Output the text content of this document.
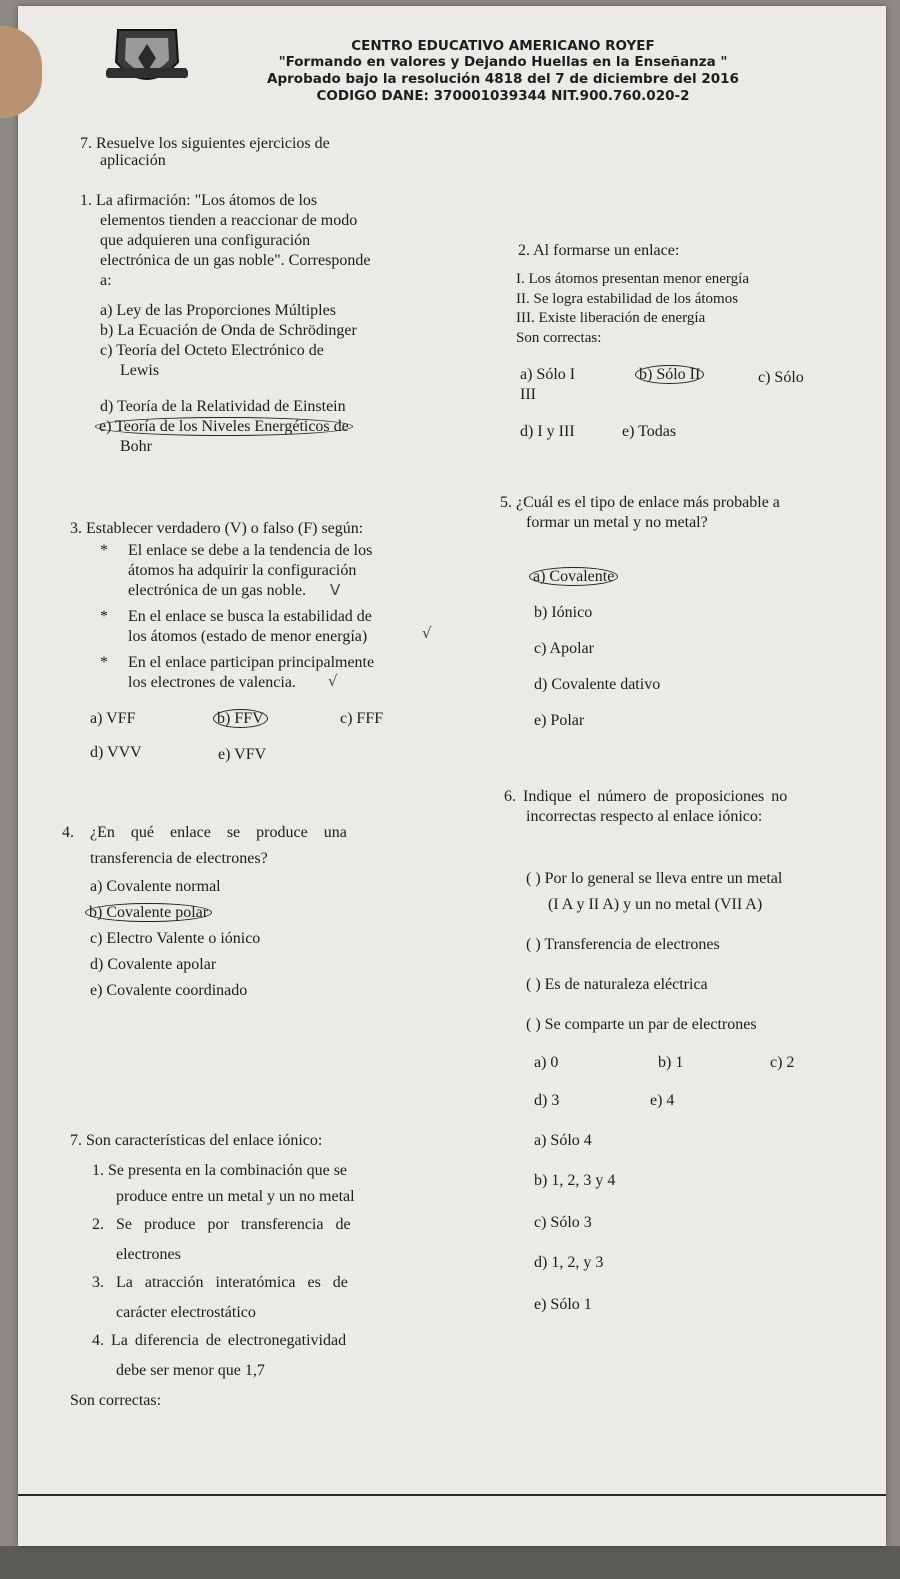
CENTRO EDUCATIVO AMERICANO ROYEF
"Formando en valores y Dejando Huellas en la Enseñanza "
Aprobado bajo la resolución 4818 del 7 de diciembre del 2016
CODIGO DANE: 370001039344 NIT.900.760.020-2
7. Resuelve los siguientes ejercicios de
aplicación
1. La afirmación: "Los átomos de los
elementos tienden a reaccionar de modo
que adquieren una configuración
electrónica de un gas noble". Corresponde
a:
a) Ley de las Proporciones Múltiples
b) La Ecuación de Onda de Schrödinger
c) Teoría del Octeto Electrónico de
Lewis
d) Teoría de la Relatividad de Einstein
e) Teoría de los Niveles Energéticos de
Bohr
2. Al formarse un enlace:
I. Los átomos presentan menor energía
II. Se logra estabilidad de los átomos
III. Existe liberación de energía
Son correctas:
a) Sólo I	b) Sólo II	c) Sólo
III
d) I y III	e) Todas
3. Establecer verdadero (V) o falso (F) según:
* El enlace se debe a la tendencia de los
átomos ha adquirir la configuración
electrónica de un gas noble. V
* En el enlace se busca la estabilidad de
los átomos (estado de menor energía)	√
* En el enlace participan principalmente
los electrones de valencia. √
a) VFF	b) FFV	c) FFF
d) VVV	e) VFV
4. ¿En qué enlace se produce una
transferencia de electrones?
a) Covalente normal
b) Covalente polar
c) Electro Valente o iónico
d) Covalente apolar
e) Covalente coordinado
5. ¿Cuál es el tipo de enlace más probable a
formar un metal y no metal?
a) Covalente
b) Iónico
c) Apolar
d) Covalente dativo
e) Polar
6. Indique el número de proposiciones no
incorrectas respecto al enlace iónico:
( ) Por lo general se lleva entre un metal
(I A y II A) y un no metal (VII A)
( ) Transferencia de electrones
( ) Es de naturaleza eléctrica
( ) Se comparte un par de electrones
a) 0	b) 1	c) 2
d) 3	e) 4
7. Son características del enlace iónico:
1. Se presenta en la combinación que se
produce entre un metal y un no metal
2. Se produce por transferencia de
electrones
3. La atracción interatómica es de
carácter electrostático
4. La diferencia de electronegatividad
debe ser menor que 1,7
Son correctas:
a) Sólo 4
b) 1, 2, 3 y 4
c) Sólo 3
d) 1, 2, y 3
e) Sólo 1
